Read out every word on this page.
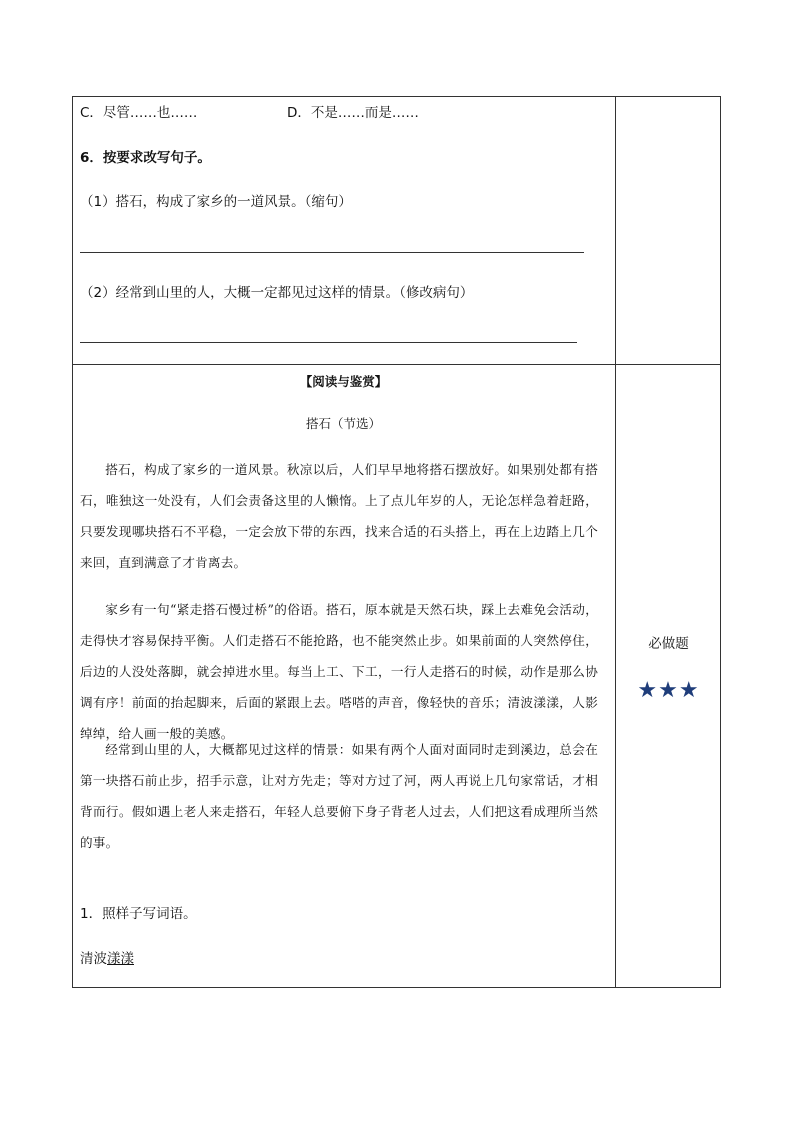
C．尽管……也……	D．不是……而是……
6．按要求改写句子。
（1）搭石，构成了家乡的一道风景。（缩句）
（2）经常到山里的人，大概一定都见过这样的情景。（修改病句）
【阅读与鉴赏】
搭石（节选）
搭石，构成了家乡的一道风景。秋凉以后，人们早早地将搭石摆放好。如果别处都有搭石，唯独这一处没有，人们会责备这里的人懒惰。上了点儿年岁的人，无论怎样急着赶路，只要发现哪块搭石不平稳，一定会放下带的东西，找来合适的石头搭上，再在上边踏上几个来回，直到满意了才肯离去。
家乡有一句“紧走搭石慢过桥”的俗语。搭石，原本就是天然石块，踩上去难免会活动，走得快才容易保持平衡。人们走搭石不能抢路，也不能突然止步。如果前面的人突然停住，后边的人没处落脚，就会掉进水里。每当上工、下工，一行人走搭石的时候，动作是那么协调有序！前面的抬起脚来，后面的紧跟上去。嗒嗒的声音，像轻快的音乐；清波漾漾，人影绰绰，给人画一般的美感。
经常到山里的人，大概都见过这样的情景：如果有两个人面对面同时走到溪边，总会在第一块搭石前止步，招手示意，让对方先走；等对方过了河，两人再说上几句家常话，才相背而行。假如遇上老人来走搭石，年轻人总要俯下身子背老人过去，人们把这看成理所当然的事。
1．照样子写词语。
清波漾漾
必做题
★★★
